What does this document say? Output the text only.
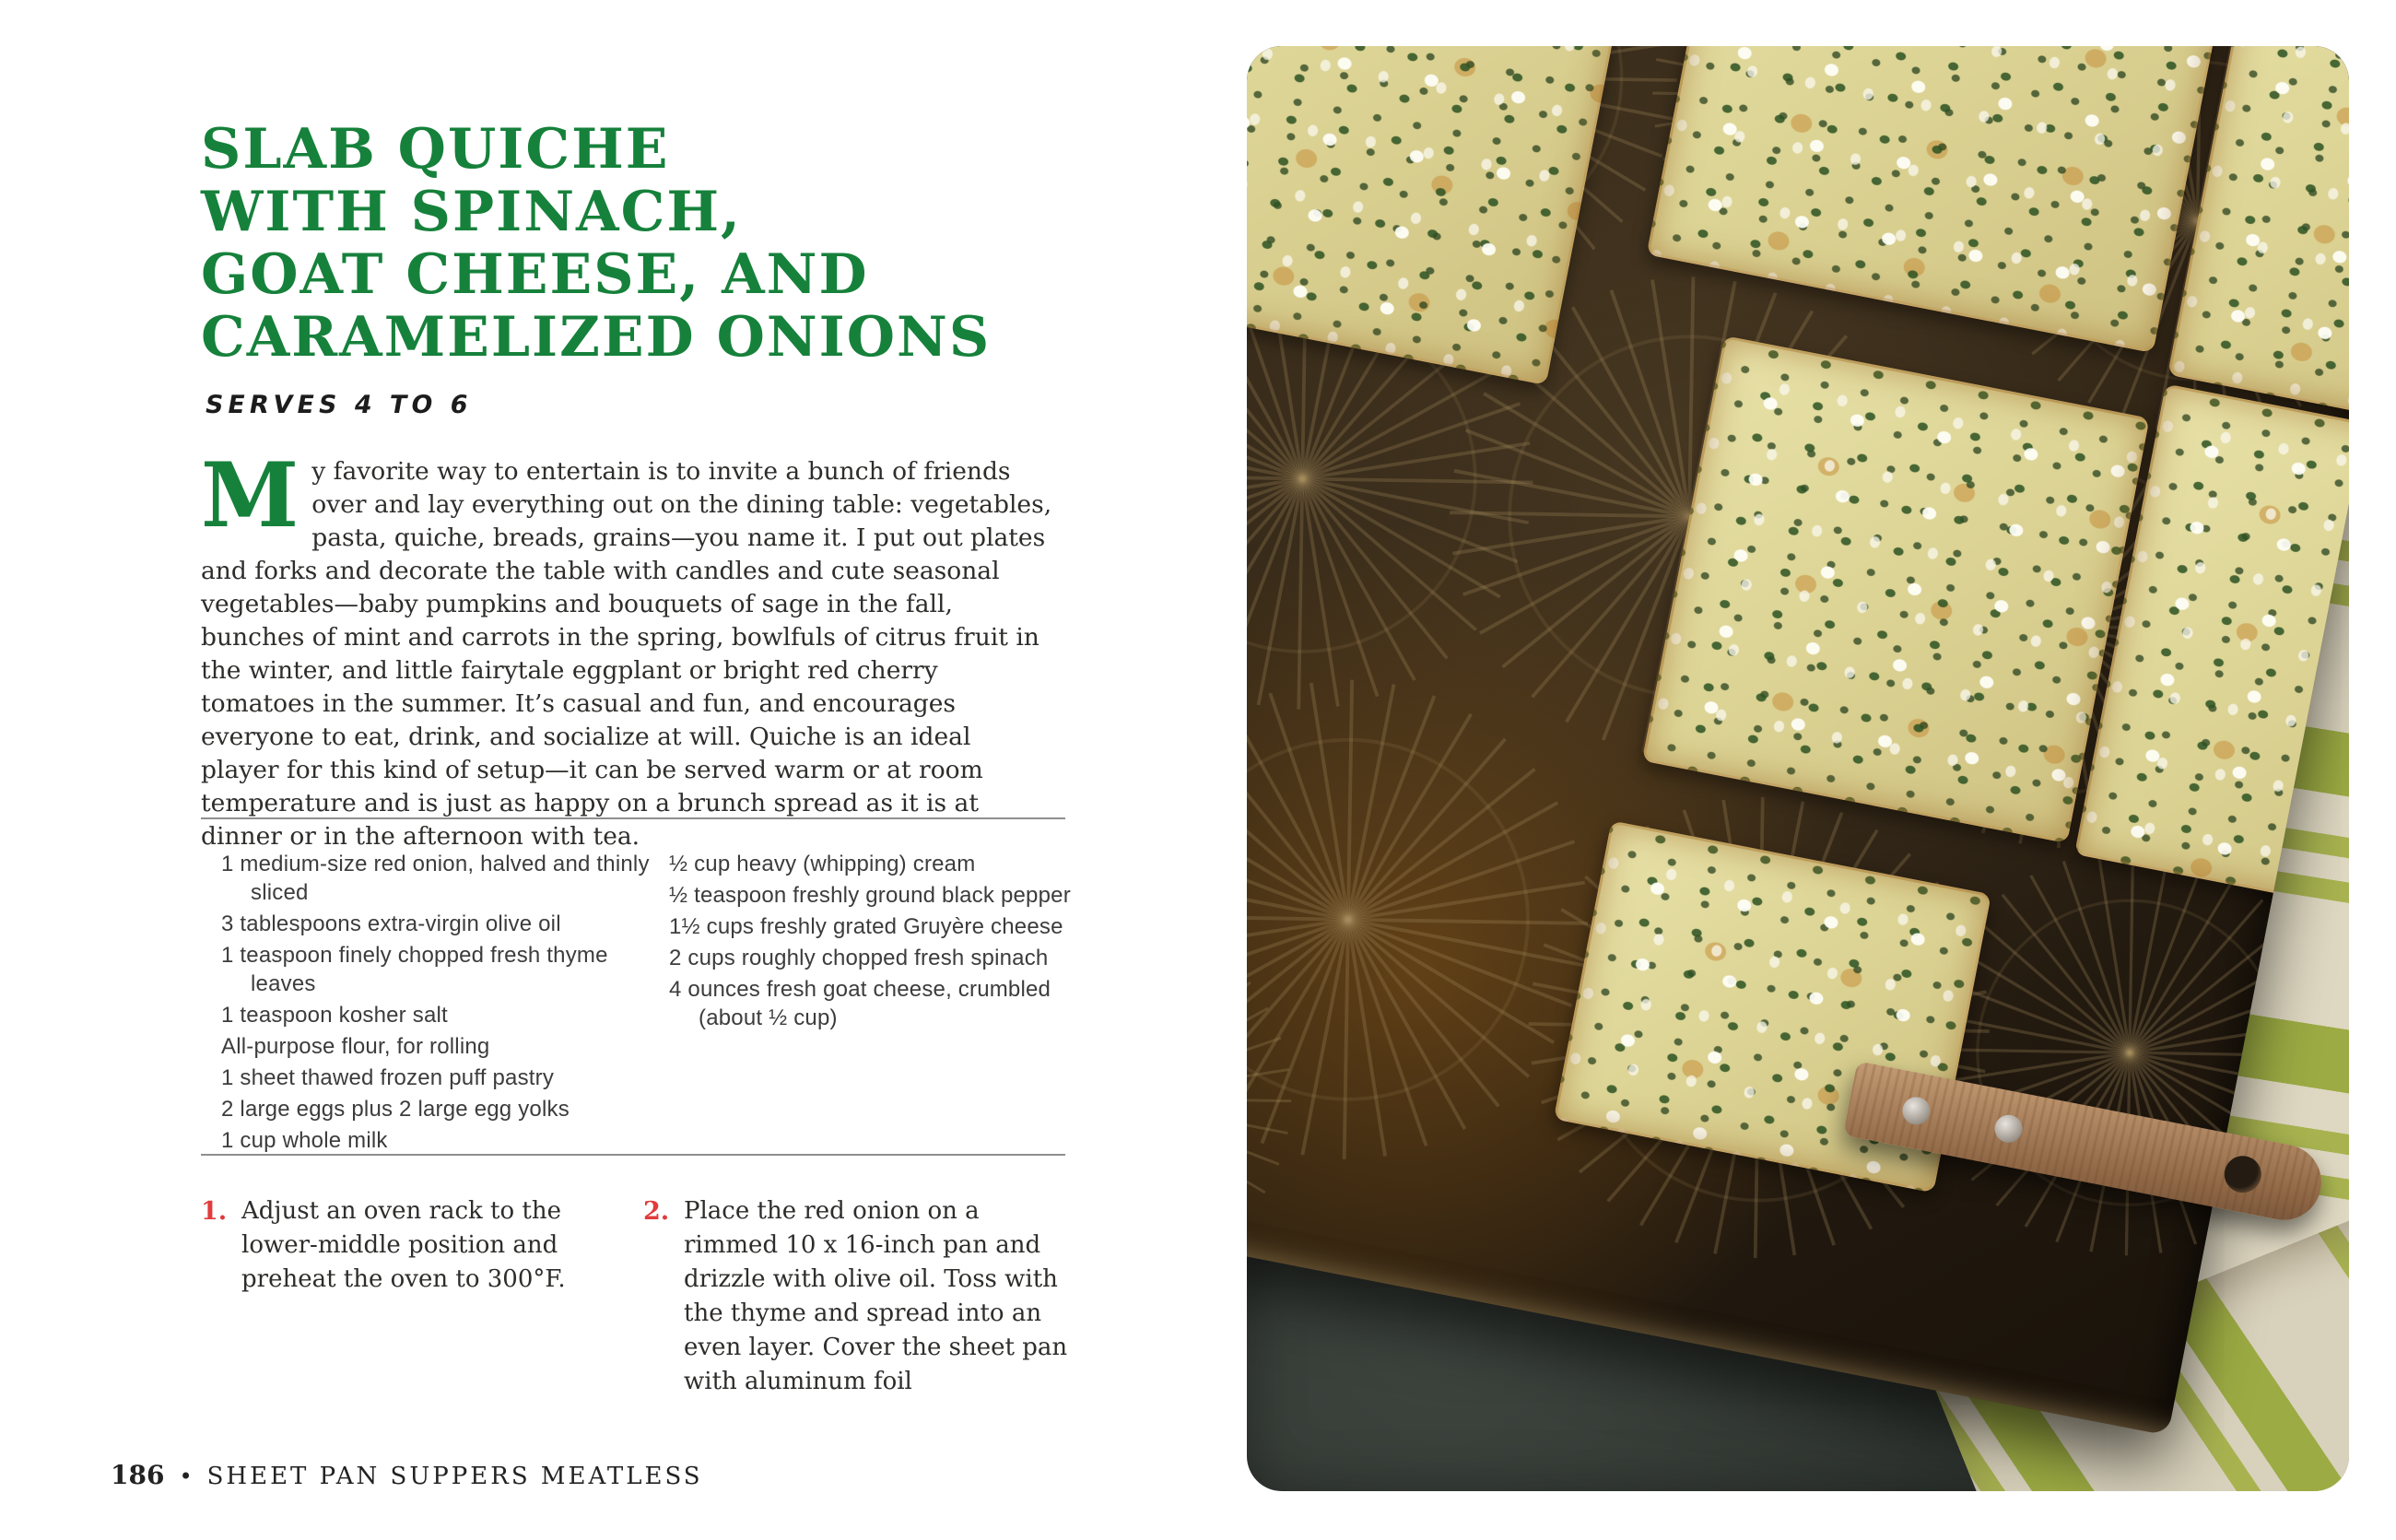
SLAB QUICHE
WITH SPINACH,
GOAT CHEESE, AND
CARAMELIZED ONIONS
SERVES 4 TO 6
My favorite way to entertain is to invite a bunch of friends over and lay everything out on the dining table: vegetables, pasta, quiche, breads, grains—you name it. I put out plates and forks and decorate the table with candles and cute seasonal vegetables—baby pumpkins and bouquets of sage in the fall, bunches of mint and carrots in the spring, bowlfuls of citrus fruit in the winter, and little fairytale eggplant or bright red cherry tomatoes in the summer. It’s casual and fun, and encourages everyone to eat, drink, and socialize at will. Quiche is an ideal player for this kind of setup—it can be served warm or at room temperature and is just as happy on a brunch spread as it is at dinner or in the afternoon with tea.
1 medium-size red onion, halved and thinly sliced
3 tablespoons extra-virgin olive oil
1 teaspoon finely chopped fresh thyme leaves
1 teaspoon kosher salt
All-purpose flour, for rolling
1 sheet thawed frozen puff pastry
2 large eggs plus 2 large egg yolks
1 cup whole milk
½ cup heavy (whipping) cream
½ teaspoon freshly ground black pepper
1½ cups freshly grated Gruyère cheese
2 cups roughly chopped fresh spinach
4 ounces fresh goat cheese, crumbled (about ½ cup)
1. Adjust an oven rack to the lower-middle position and preheat the oven to 300°F.
2. Place the red onion on a rimmed 10 x 16-inch pan and drizzle with olive oil. Toss with the thyme and spread into an even layer. Cover the sheet pan with aluminum foil
186 • SHEET PAN SUPPERS MEATLESS
